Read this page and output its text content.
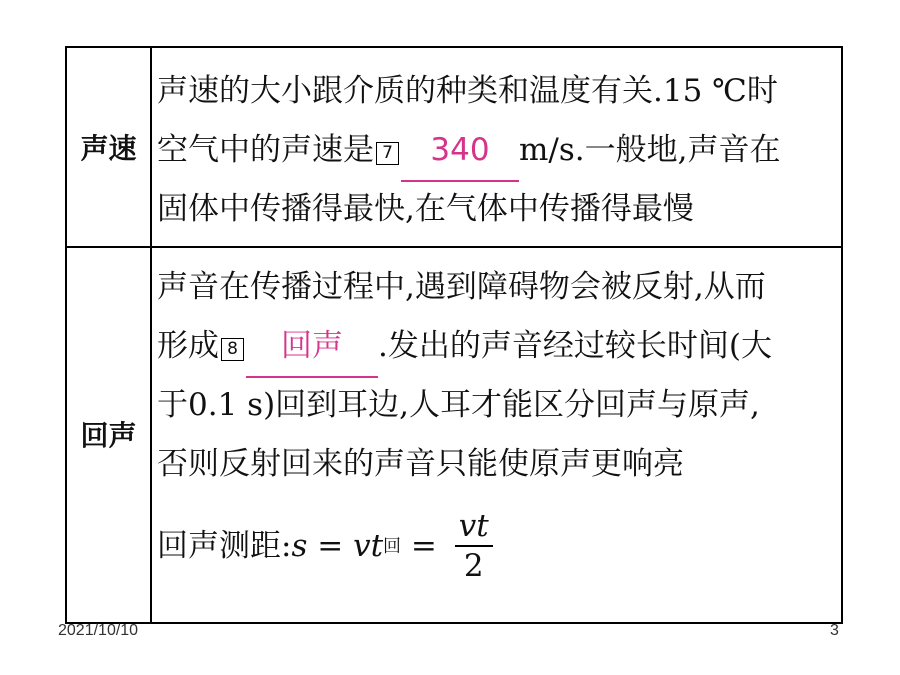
声速
声速的大小跟介质的种类和温度有关.15 ℃时
空气中的声速是 7 340 m/s.一般地,声音在
固体中传播得最快,在气体中传播得最慢
回声
声音在传播过程中,遇到障碍物会被反射,从而
形成 8 回声 .发出的声音经过较长时间(大
于0.1 s)回到耳边,人耳才能区分回声与原声,
否则反射回来的声音只能使原声更响亮
回声测距: s = vt 回 = $\frac{vt}{2}$
2021/10/10	3
